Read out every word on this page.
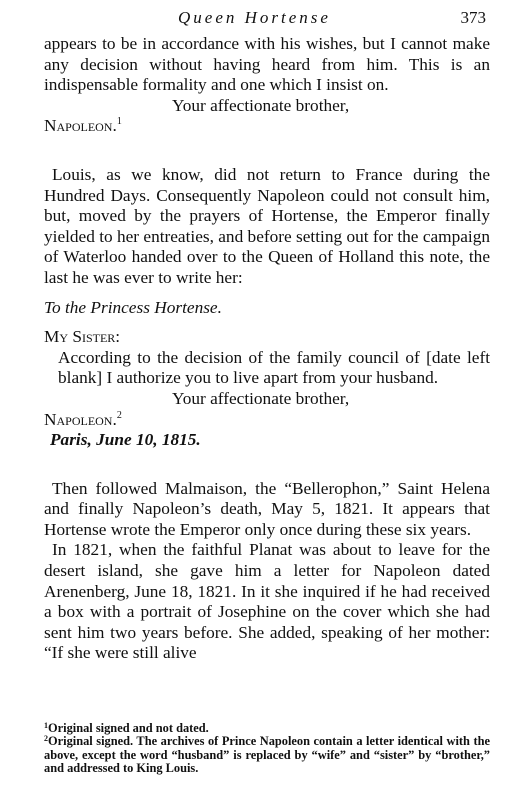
Queen Hortense	373

appears to be in accordance with his wishes, but I cannot make any decision without having heard from him. This is an indispensable formality and one which I insist on.

Your affectionate brother,

Napoleon.$^1$

Louis, as we know, did not return to France during the Hundred Days. Consequently Napoleon could not consult him, but, moved by the prayers of Hortense, the Emperor finally yielded to her entreaties, and before setting out for the campaign of Waterloo handed over to the Queen of Holland this note, the last he was ever to write her:

To the Princess Hortense.

My Sister:

According to the decision of the family council of [date left blank] I authorize you to live apart from your husband.

Your affectionate brother,

Napoleon.$^2$

Paris, June 10, 1815.

Then followed Malmaison, the “Bellerophon,” Saint Helena and finally Napoleon’s death, May 5, 1821. It appears that Hortense wrote the Emperor only once during these six years.

In 1821, when the faithful Planat was about to leave for the desert island, she gave him a letter for Napoleon dated Arenenberg, June 18, 1821. In it she inquired if he had received a box with a portrait of Josephine on the cover which she had sent him two years before. She added, speaking of her mother: “If she were still alive

$^1$Original signed and not dated.

$^2$Original signed. The archives of Prince Napoleon contain a letter identical with the above, except the word “husband” is replaced by “wife” and “sister” by “brother,” and addressed to King Louis.
